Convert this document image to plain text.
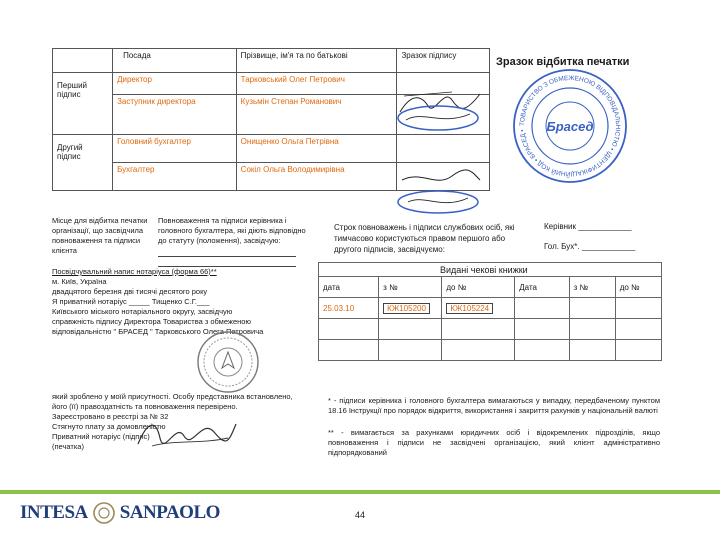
	Посада	Прізвище, ім'я та по батькові	Зразок підпису
Перший підпис	Директор	Тарковський Олег Петрович	
	Заступник директора	Кузьмін Степан Романович	
Другий підпис	Головний бухгалтер	Онищенко Ольга Петрівна	
	Бухгалтер	Сокіл Ольга Володимирівна	
Зразок відбитка печатки
ТОВАРИСТВО З ОБМЕЖЕНОЮ ВІДПОВІДАЛЬНІСТЮ • ІДЕНТИФІКАЦІЙНИЙ КОД • БРАСЕД •	Брасед
Місце для відбитка печатки організації, що засвідчила повноваження та підписи клієнта
Повноваження та підписи керівника і головного бухгалтера, які діють відповідно до статуту (положення), засвідчую:
Строк повноважень і підписи службових осіб, які тимчасово користуються правом першого або другого підписів, засвідчуємо:
Керівник ____________
Гол. Бух*. ____________
Посвідчувальний напис нотаріуса (форма 66)**
м. Київ, Україна
двадцятого березня дві тисячі десятого року
Я приватний нотаріус _____ Тищенко С.Г.___
Київського міського нотаріального округу, засвідчую
справжність підпису Директора Товариства з обмеженою
відповідальністю " БРАСЕД " Тарковського Олега Петровича
який зроблено у моїй присутності. Особу представника встановлено,
його (її) правоздатність та повноваження перевірено.
Зареєстровано в реєстрі за № 32
Стягнуто плату за домовленістю
Приватний нотаріус (підпис)
(печатка)
Видані чекові книжки

дата	з №	до №	Дата	з №	до №
25.03.10	КЖ105200	КЖ105224			

* - підписи керівника і головного бухгалтера вимагаються у випадку, передбаченому пунктом 18.16 Інструкції про порядок відкриття, використання і закриття рахунків у національній валюті
** - вимагається за рахунками юридичних осіб і відокремлених підрозділів, якщо повноваження і підписи не засвідчені організацією, який клієнт адміністративно підпорядкований
44
INTESA SANPAOLO
